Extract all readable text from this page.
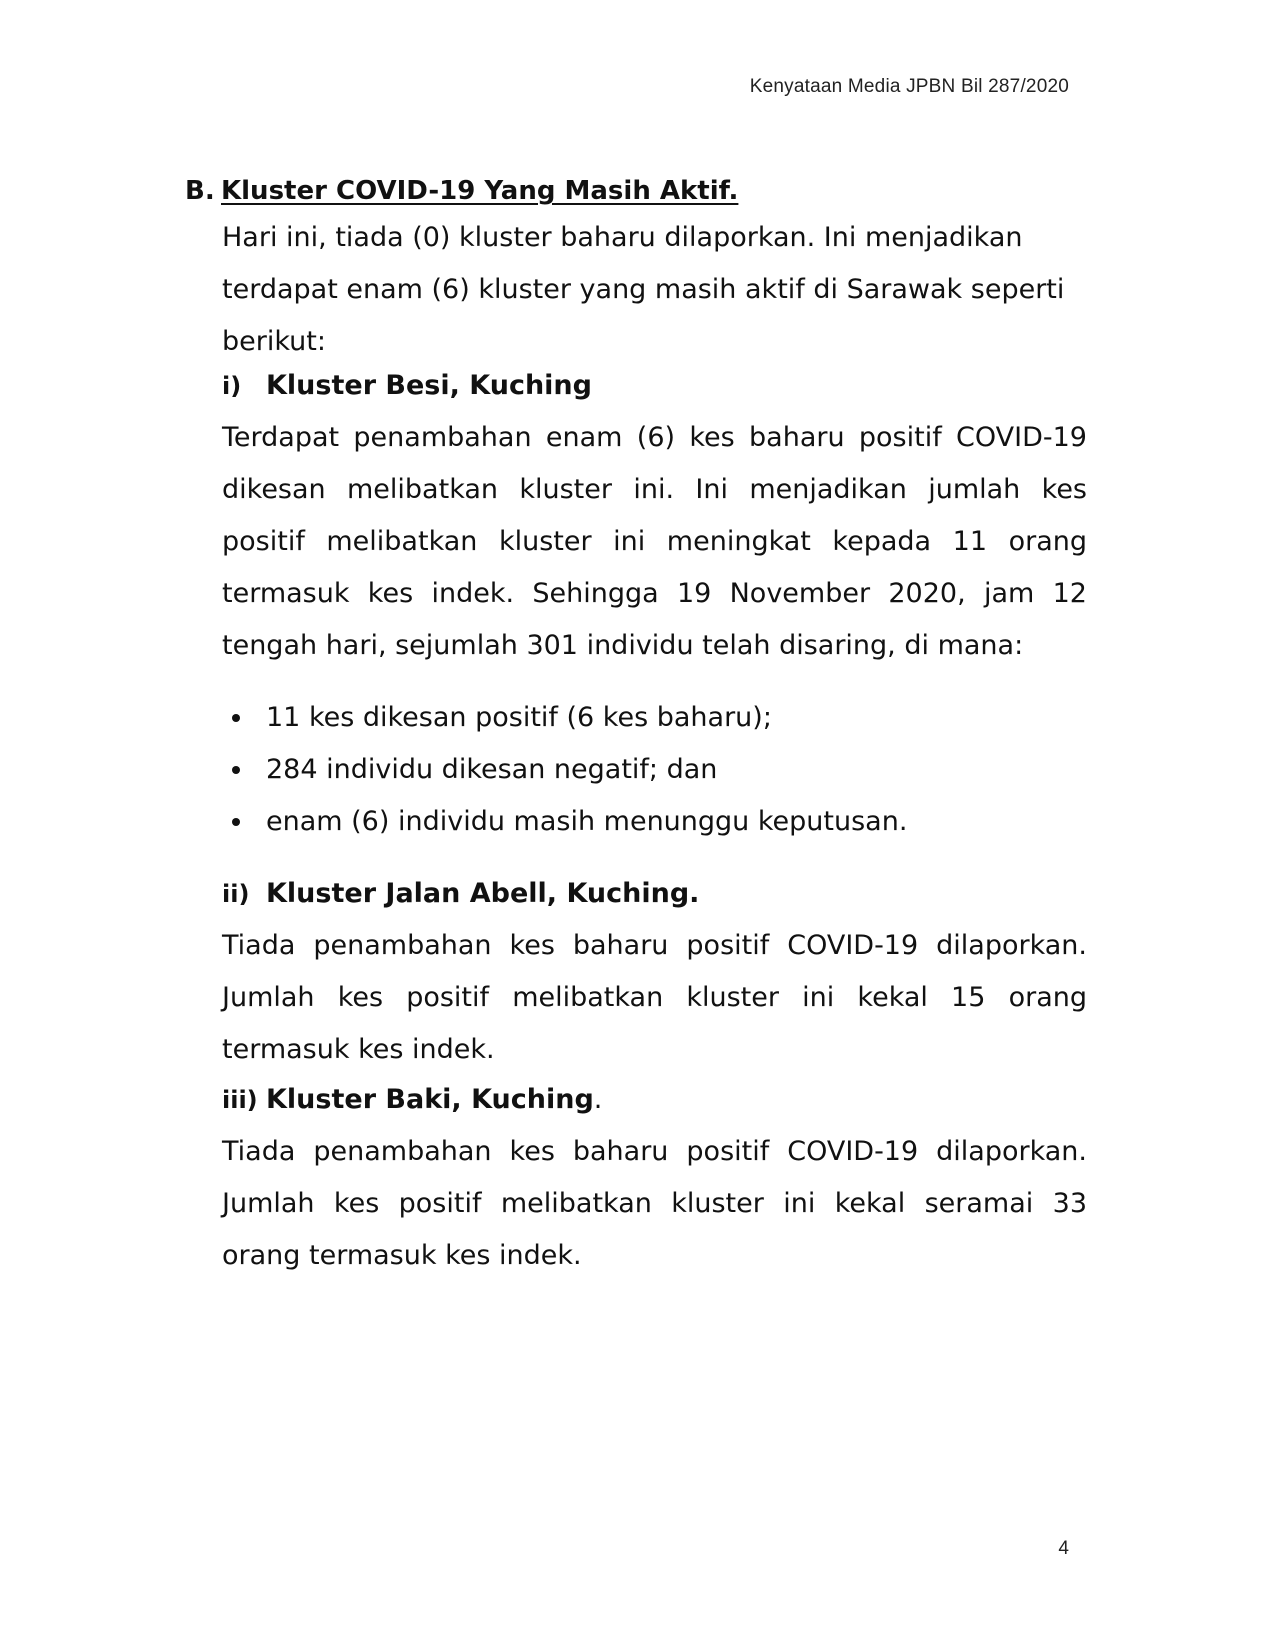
Kenyataan Media JPBN Bil 287/2020
B. Kluster COVID-19 Yang Masih Aktif.
Hari ini, tiada (0) kluster baharu dilaporkan. Ini menjadikan terdapat enam (6) kluster yang masih aktif di Sarawak seperti berikut:
i) Kluster Besi, Kuching
Terdapat penambahan enam (6) kes baharu positif COVID-19 dikesan melibatkan kluster ini. Ini menjadikan jumlah kes positif melibatkan kluster ini meningkat kepada 11 orang termasuk kes indek. Sehingga 19 November 2020, jam 12 tengah hari, sejumlah 301 individu telah disaring, di mana:
11 kes dikesan positif (6 kes baharu);
284 individu dikesan negatif; dan
enam (6) individu masih menunggu keputusan.
ii) Kluster Jalan Abell, Kuching.
Tiada penambahan kes baharu positif COVID-19 dilaporkan. Jumlah kes positif melibatkan kluster ini kekal 15 orang termasuk kes indek.
iii) Kluster Baki, Kuching.
Tiada penambahan kes baharu positif COVID-19 dilaporkan. Jumlah kes positif melibatkan kluster ini kekal seramai 33 orang termasuk kes indek.
4
